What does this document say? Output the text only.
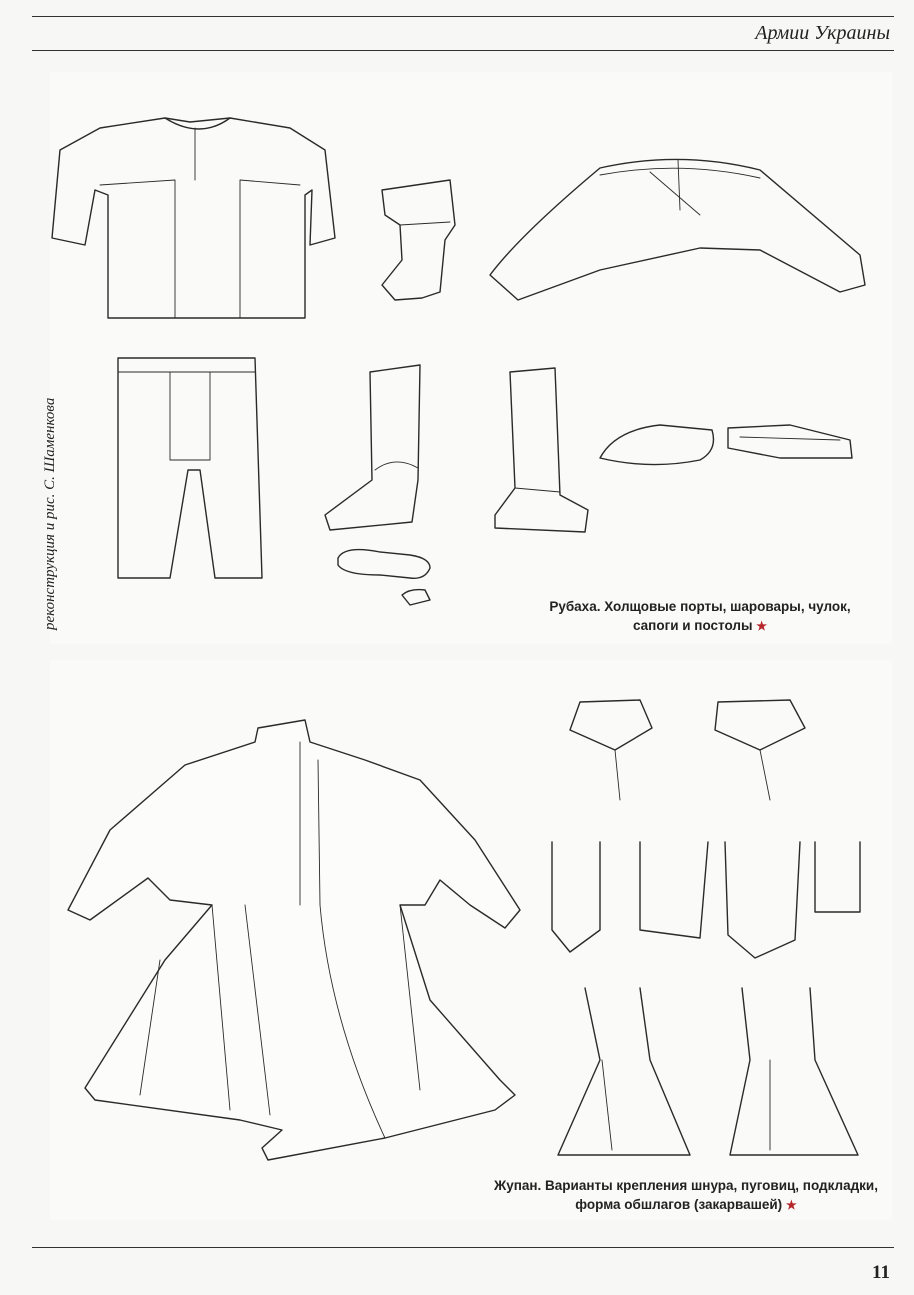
Армии Украины
реконструкция и рис. С. Шаменкова	Рубаха. Холщовые порты, шаровары, чулок,
сапоги и постолы ★
Жупан. Варианты крепления шнура, пуговиц, подкладки,
форма обшлагов (закарвашей) ★
11
